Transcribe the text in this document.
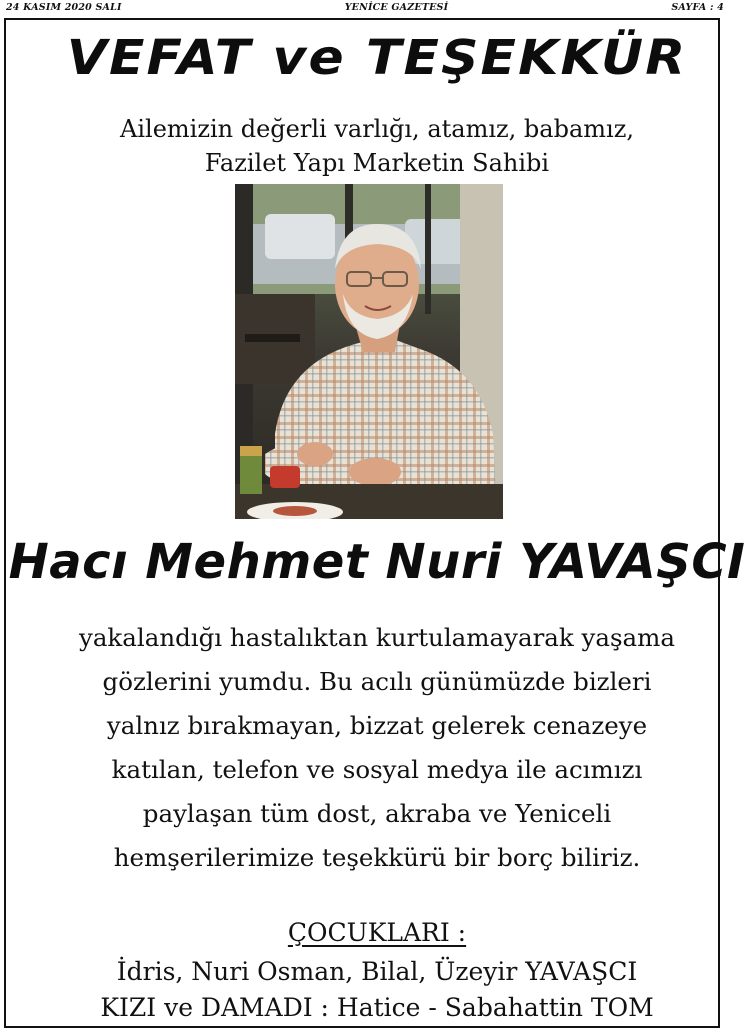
24 KASIM 2020 SALI	YENİCE GAZETESİ	SAYFA : 4
VEFAT ve TEŞEKKÜR
Ailemizin değerli varlığı, atamız, babamız,
Fazilet Yapı Marketin Sahibi
Hacı Mehmet Nuri YAVAŞCI
yakalandığı hastalıktan kurtulamayarak yaşama
gözlerini yumdu. Bu acılı günümüzde bizleri
yalnız bırakmayan, bizzat gelerek cenazeye
katılan, telefon ve sosyal medya ile acımızı
paylaşan tüm dost, akraba ve Yeniceli
hemşerilerimize teşekkürü bir borç biliriz.
ÇOCUKLARI :
İdris, Nuri Osman, Bilal, Üzeyir YAVAŞCI
KIZI ve DAMADI : Hatice - Sabahattin TOM
